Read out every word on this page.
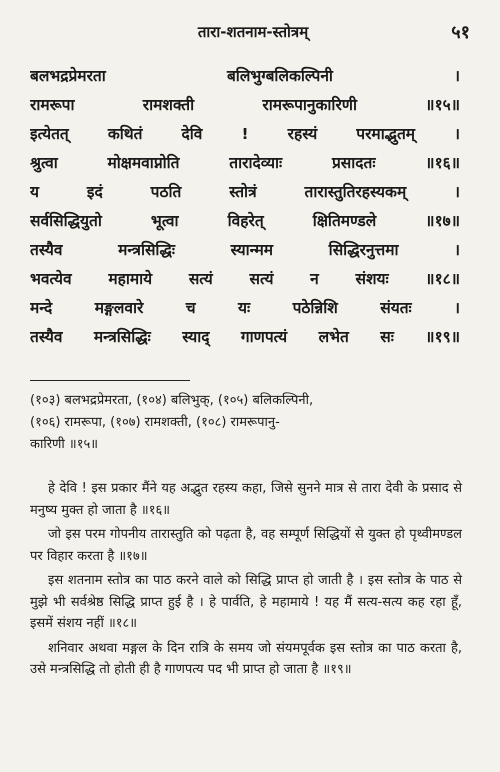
तारा-शतनाम-स्तोत्रम्	५१
बलभद्रप्रेमरता बलिभुग्बलिकल्पिनी ।
रामरूपा रामशक्ती रामरूपानुकारिणी ॥१५॥
इत्येतत् कथितं देवि ! रहस्यं परमाद्भुतम् ।
श्रुत्वा मोक्षमवाप्नोति तारादेव्याः प्रसादतः ॥१६॥
य इदं पठति स्तोत्रं तारास्तुतिरहस्यकम् ।
सर्वसिद्धियुतो भूत्वा विहरेत् क्षितिमण्डले ॥१७॥
तस्यैव मन्त्रसिद्धिः स्यान्मम सिद्धिरनुत्तमा ।
भवत्येव महामाये सत्यं सत्यं न संशयः ॥१८॥
मन्दे मङ्गलवारे च यः पठेन्निशि संयतः ।
तस्यैव मन्त्रसिद्धिः स्याद् गाणपत्यं लभेत सः ॥१९॥

(१०३) बलभद्रप्रेमरता, (१०४) बलिभुक्, (१०५) बलिकल्पिनी,

(१०६) रामरूपा, (१०७) रामशक्ती, (१०८) रामरूपानु-

कारिणी ॥१५॥

हे देवि ! इस प्रकार मैंने यह अद्भुत रहस्य कहा, जिसे सुनने मात्र से तारा देवी के प्रसाद से मनुष्य मुक्त हो जाता है ॥१६॥

जो इस परम गोपनीय तारास्तुति को पढ़ता है, वह सम्पूर्ण सिद्धियों से युक्त हो पृथ्वीमण्डल पर विहार करता है ॥१७॥

इस शतनाम स्तोत्र का पाठ करने वाले को सिद्धि प्राप्त हो जाती है । इस स्तोत्र के पाठ से मुझे भी सर्वश्रेष्ठ सिद्धि प्राप्त हुई है । हे पार्वति, हे महामाये ! यह मैं सत्य-सत्य कह रहा हूँ, इसमें संशय नहीं ॥१८॥

शनिवार अथवा मङ्गल के दिन रात्रि के समय जो संयमपूर्वक इस स्तोत्र का पाठ करता है, उसे मन्त्रसिद्धि तो होती ही है गाणपत्य पद भी प्राप्त हो जाता है ॥१९॥
